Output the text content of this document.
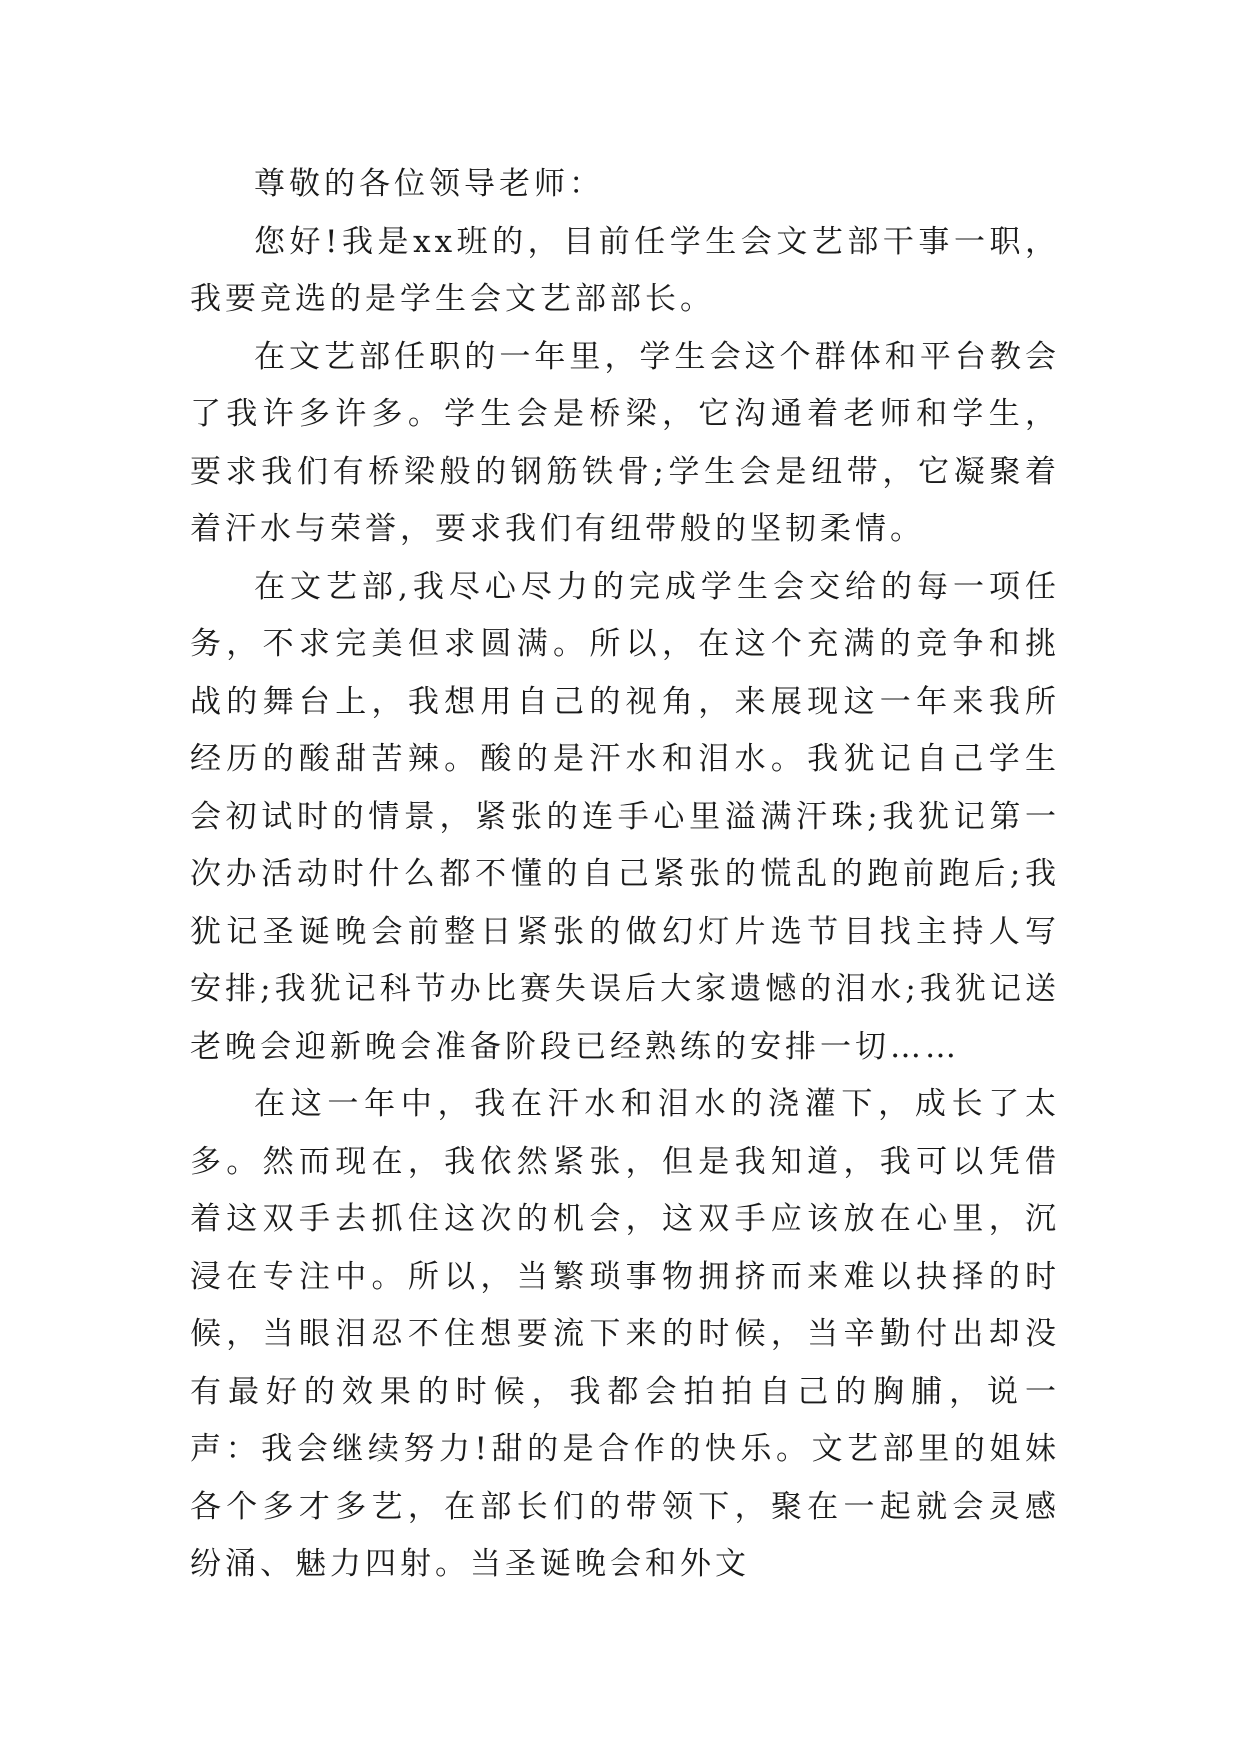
尊敬的各位领导老师：

您好!我是xx班的，目前任学生会文艺部干事一职，我要竞选的是学生会文艺部部长。

在文艺部任职的一年里，学生会这个群体和平台教会了我许多许多。学生会是桥梁，它沟通着老师和学生，要求我们有桥梁般的钢筋铁骨;学生会是纽带，它凝聚着着汗水与荣誉，要求我们有纽带般的坚韧柔情。

在文艺部,我尽心尽力的完成学生会交给的每一项任务，不求完美但求圆满。所以，在这个充满的竞争和挑战的舞台上，我想用自己的视角，来展现这一年来我所经历的酸甜苦辣。酸的是汗水和泪水。我犹记自己学生会初试时的情景，紧张的连手心里溢满汗珠;我犹记第一次办活动时什么都不懂的自己紧张的慌乱的跑前跑后;我犹记圣诞晚会前整日紧张的做幻灯片选节目找主持人写安排;我犹记科节办比赛失误后大家遗憾的泪水;我犹记送老晚会迎新晚会准备阶段已经熟练的安排一切……

在这一年中，我在汗水和泪水的浇灌下，成长了太多。然而现在，我依然紧张，但是我知道，我可以凭借着这双手去抓住这次的机会，这双手应该放在心里，沉浸在专注中。所以，当繁琐事物拥挤而来难以抉择的时候，当眼泪忍不住想要流下来的时候，当辛勤付出却没有最好的效果的时候，我都会拍拍自己的胸脯，说一声：我会继续努力!甜的是合作的快乐。文艺部里的姐妹各个多才多艺，在部长们的带领下，聚在一起就会灵感纷涌、魅力四射。当圣诞晚会和外文
